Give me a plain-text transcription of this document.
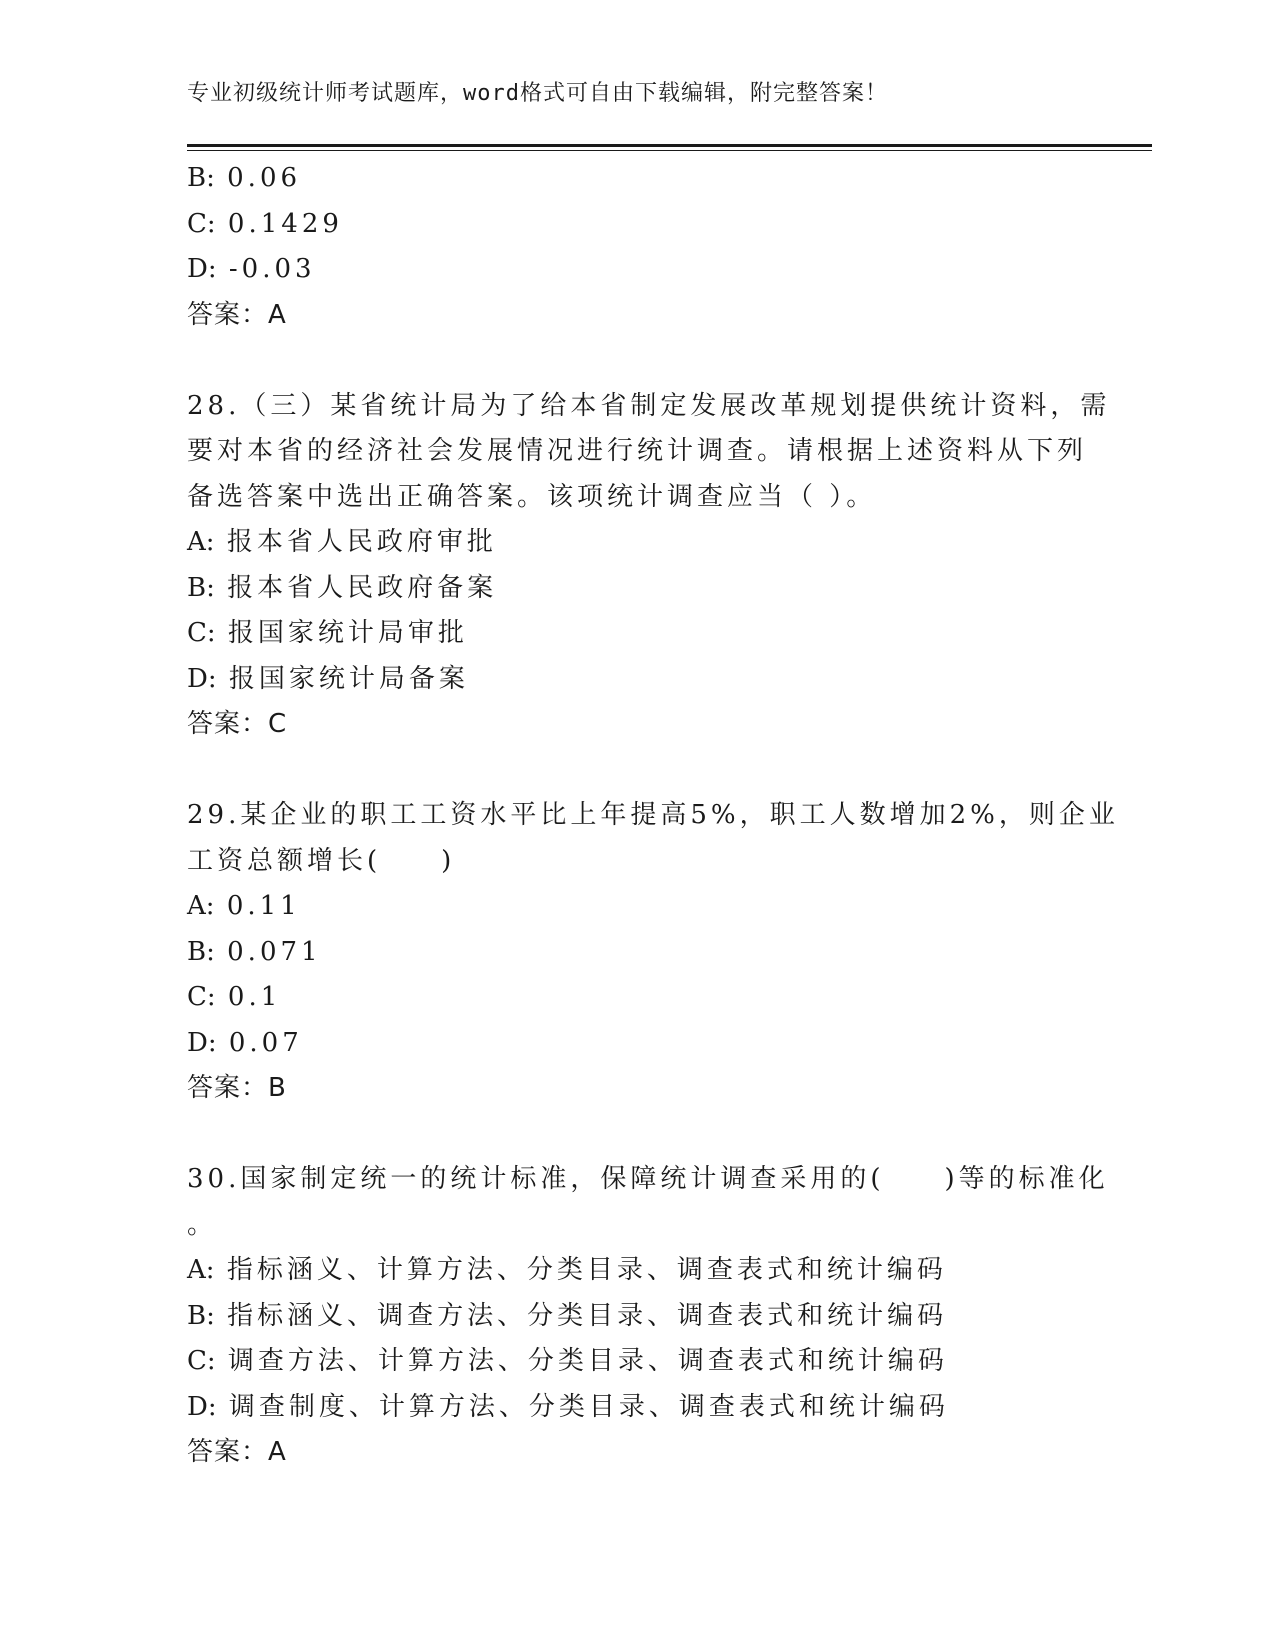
专业初级统计师考试题库，word格式可自由下载编辑，附完整答案！
B: 0.06
C: 0.1429
D: -0.03
答案：A
28.（三）某省统计局为了给本省制定发展改革规划提供统计资料，需
要对本省的经济社会发展情况进行统计调查。请根据上述资料从下列
备选答案中选出正确答案。该项统计调查应当（ ）。
A: 报本省人民政府审批
B: 报本省人民政府备案
C: 报国家统计局审批
D: 报国家统计局备案
答案：C
29.某企业的职工工资水平比上年提高5%，职工人数增加2%，则企业
工资总额增长(　　)
A: 0.11
B: 0.071
C: 0.1
D: 0.07
答案：B
30.国家制定统一的统计标准，保障统计调查采用的(　　)等的标准化
。
A: 指标涵义、计算方法、分类目录、调查表式和统计编码
B: 指标涵义、调查方法、分类目录、调查表式和统计编码
C: 调查方法、计算方法、分类目录、调查表式和统计编码
D: 调查制度、计算方法、分类目录、调查表式和统计编码
答案：A
